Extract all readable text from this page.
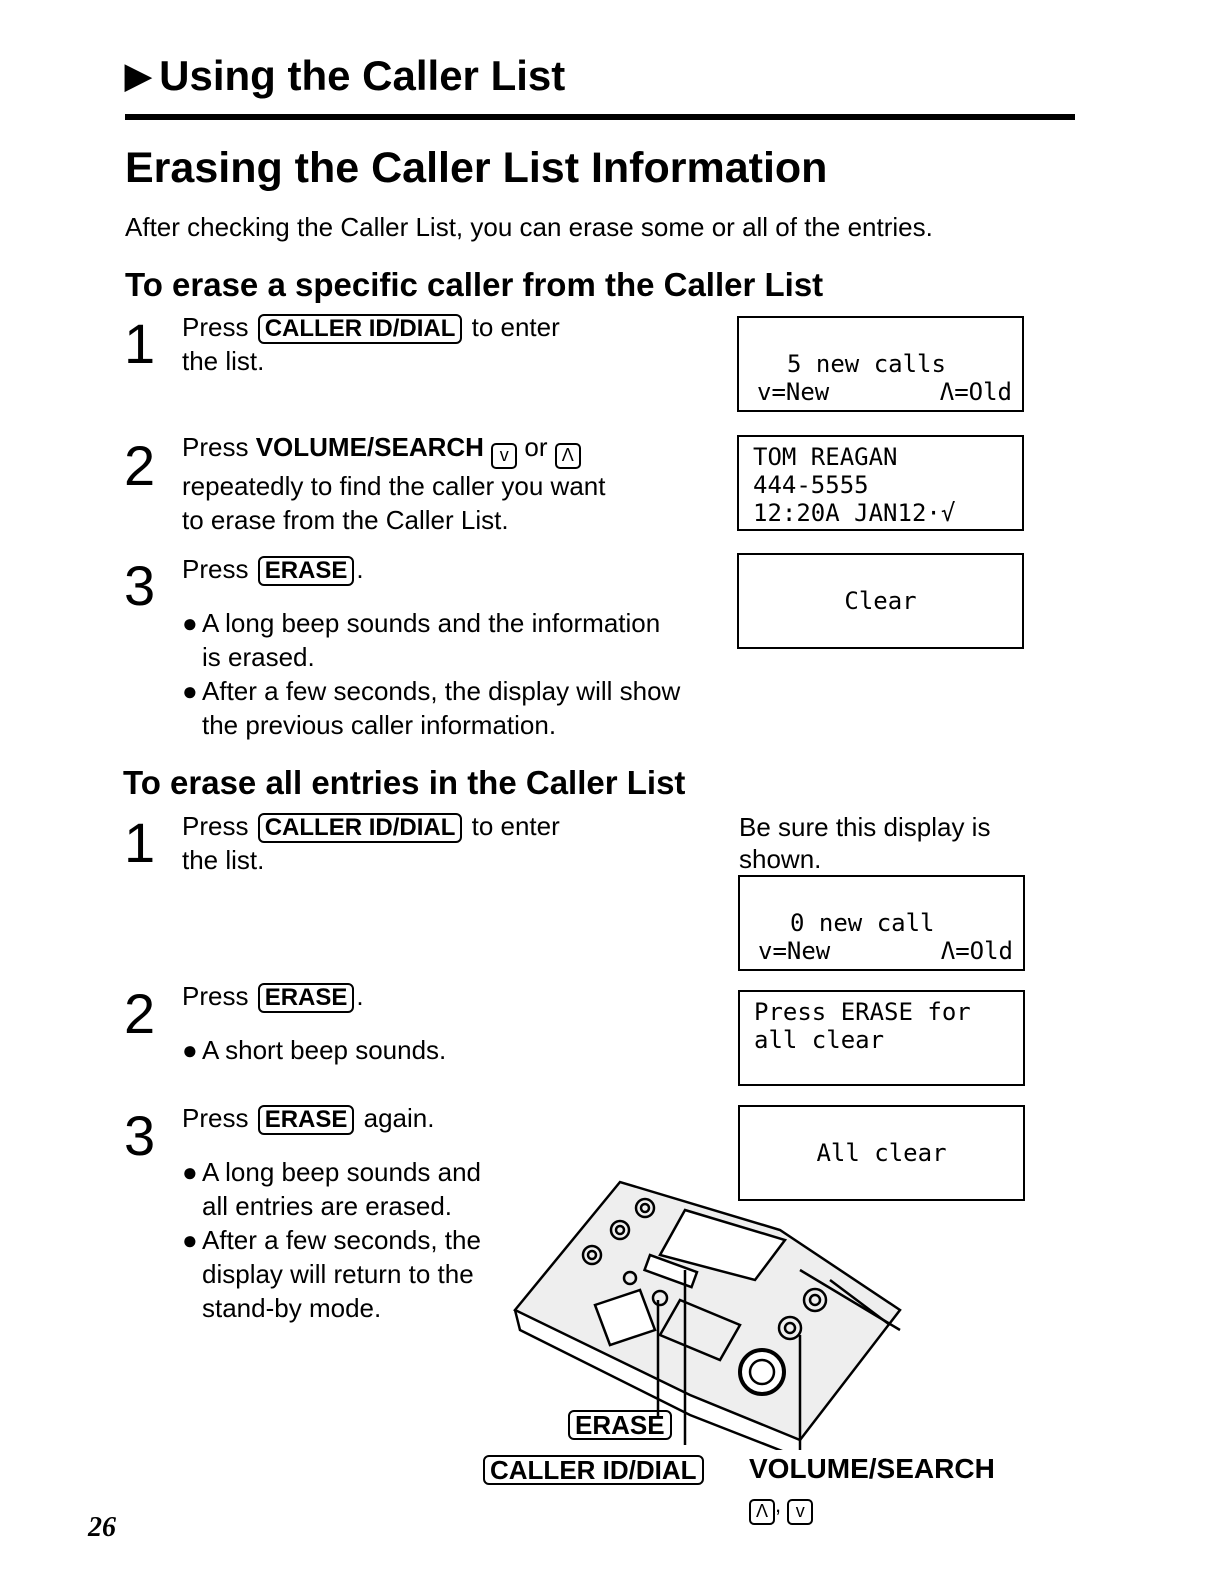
▶ Using the Caller List
Erasing the Caller List Information
After checking the Caller List, you can erase some or all of the entries.
To erase a specific caller from the Caller List
1 Press CALLER ID/DIAL to enter
the list.
2 Press VOLUME/SEARCH v or Λ
repeatedly to find the caller you want
to erase from the Caller List.
3 Press ERASE .
● A long beep sounds and the information is erased.
● After a few seconds, the display will show the previous caller information.
5 new calls
v=New	Λ=Old
TOM REAGAN
444-5555
12:20A JAN12 ·√
Clear
To erase all entries in the Caller List
1 Press CALLER ID/DIAL to enter
the list.
Be sure this display is shown.
2 Press ERASE .
● A short beep sounds.
3 Press ERASE again.
● A long beep sounds and all entries are erased.
● After a few seconds, the display will return to the stand-by mode.
0 new call
v=New	Λ=Old
Press ERASE for
all clear
All clear
ERASE
CALLER ID/DIAL	VOLUME/SEARCH
Λ , v
26
